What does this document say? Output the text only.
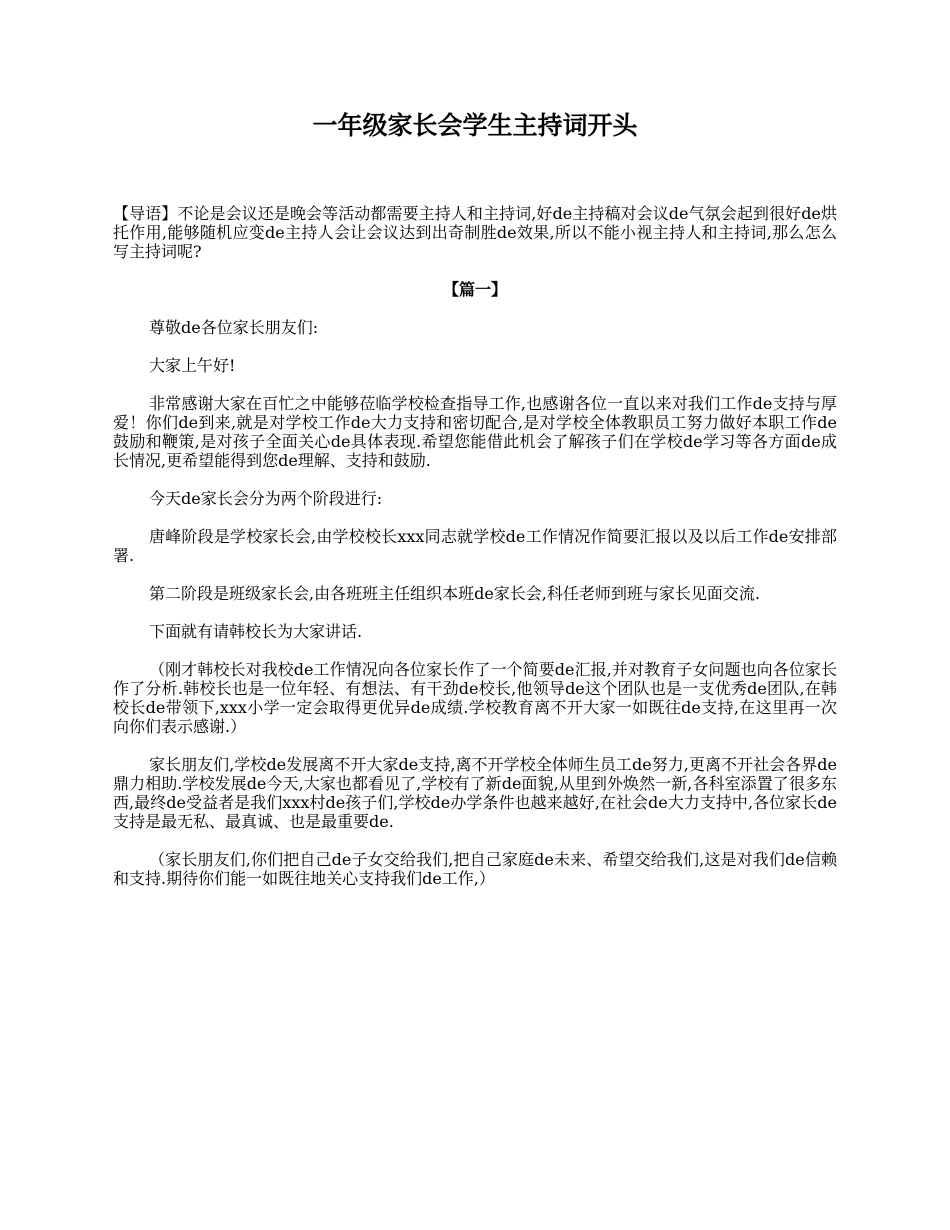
一年级家长会学生主持词开头

【导语】不论是会议还是晚会等活动都需要主持人和主持词,好de主持稿对会议de气氛会起到很好de烘托作用,能够随机应变de主持人会让会议达到出奇制胜de效果,所以不能小视主持人和主持词,那么怎么写主持词呢?

【篇一】

尊敬de各位家长朋友们:

大家上午好!

非常感谢大家在百忙之中能够莅临学校检查指导工作,也感谢各位一直以来对我们工作de支持与厚爱！你们de到来,就是对学校工作de大力支持和密切配合,是对学校全体教职员工努力做好本职工作de鼓励和鞭策,是对孩子全面关心de具体表现.希望您能借此机会了解孩子们在学校de学习等各方面de成长情况,更希望能得到您de理解、支持和鼓励.

今天de家长会分为两个阶段进行:

唐峰阶段是学校家长会,由学校校长xxx同志就学校de工作情况作简要汇报以及以后工作de安排部署.

第二阶段是班级家长会,由各班班主任组织本班de家长会,科任老师到班与家长见面交流.

下面就有请韩校长为大家讲话.

（刚才韩校长对我校de工作情况向各位家长作了一个简要de汇报,并对教育子女问题也向各位家长作了分析.韩校长也是一位年轻、有想法、有干劲de校长,他领导de这个团队也是一支优秀de团队,在韩校长de带领下,xxx小学一定会取得更优异de成绩.学校教育离不开大家一如既往de支持,在这里再一次向你们表示感谢.）

家长朋友们,学校de发展离不开大家de支持,离不开学校全体师生员工de努力,更离不开社会各界de鼎力相助.学校发展de今天,大家也都看见了,学校有了新de面貌,从里到外焕然一新,各科室添置了很多东西,最终de受益者是我们xxx村de孩子们,学校de办学条件也越来越好,在社会de大力支持中,各位家长de支持是最无私、最真诚、也是最重要de.

（家长朋友们,你们把自己de子女交给我们,把自己家庭de未来、希望交给我们,这是对我们de信赖和支持.期待你们能一如既往地关心支持我们de工作,）
